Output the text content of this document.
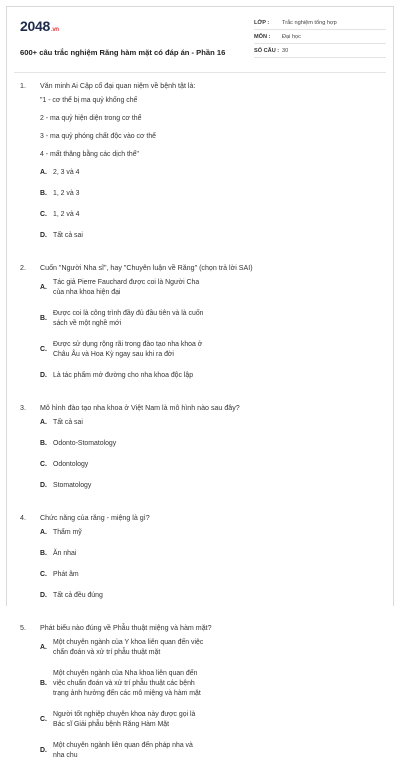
2048.vn
600+ câu trắc nghiệm Răng hàm mặt có đáp án - Phần 16
LỚP :	Trắc nghiệm tổng hợp
MÔN :	Đại học
SỐ CÂU : 30
1.	Văn minh Ai Cập cổ đại quan niệm về bệnh tật là:
"1 - cơ thể bị ma quỷ khống chế
2 - ma quỷ hiện diện trong cơ thể
3 - ma quỷ phóng chất độc vào cơ thể
4 - mất thăng bằng các dịch thể"
A. 2, 3 và 4
B. 1, 2 và 3
C. 1, 2 và 4
D. Tất cả sai
2.	Cuốn "Người Nha sĩ", hay "Chuyên luận về Răng" (chọn trả lời SAI)
A.
Tác giả Pierre Fauchard được coi là Người Cha của nha khoa hiện đại
B.
Được coi là công trình đầy đủ đầu tiên và là cuốn sách về một nghề mới
C.
Được sử dụng rộng rãi trong đào tạo nha khoa ở Châu Âu và Hoa Kỳ ngay sau khi ra đời
D. Là tác phẩm mở đường cho nha khoa độc lập
3.	Mô hình đào tạo nha khoa ở Việt Nam là mô hình nào sau đây?
A. Tất cả sai
B. Odonto-Stomatology
C. Odontology
D. Stomatology
4.	Chức năng của răng - miệng là gì?
A. Thẩm mỹ
B. Ăn nhai
C. Phát âm
D. Tất cả đều đúng
5.	Phát biểu nào đúng về Phẫu thuật miệng và hàm mặt?
A.
Một chuyên ngành của Y khoa liên quan đến việc chẩn đoán và xử trí phẫu thuật mặt
B.
Một chuyên ngành của Nha khoa liên quan đến việc chuẩn đoán và xử trí phẫu thuật các bệnh trạng ảnh hưởng đến các mô miệng và hàm mặt
C.
Người tốt nghiệp chuyên khoa này được gọi là Bác sĩ Giải phẫu bệnh Răng Hàm Mặt
D.
Một chuyên ngành liên quan đến pháp nha và nha chu
